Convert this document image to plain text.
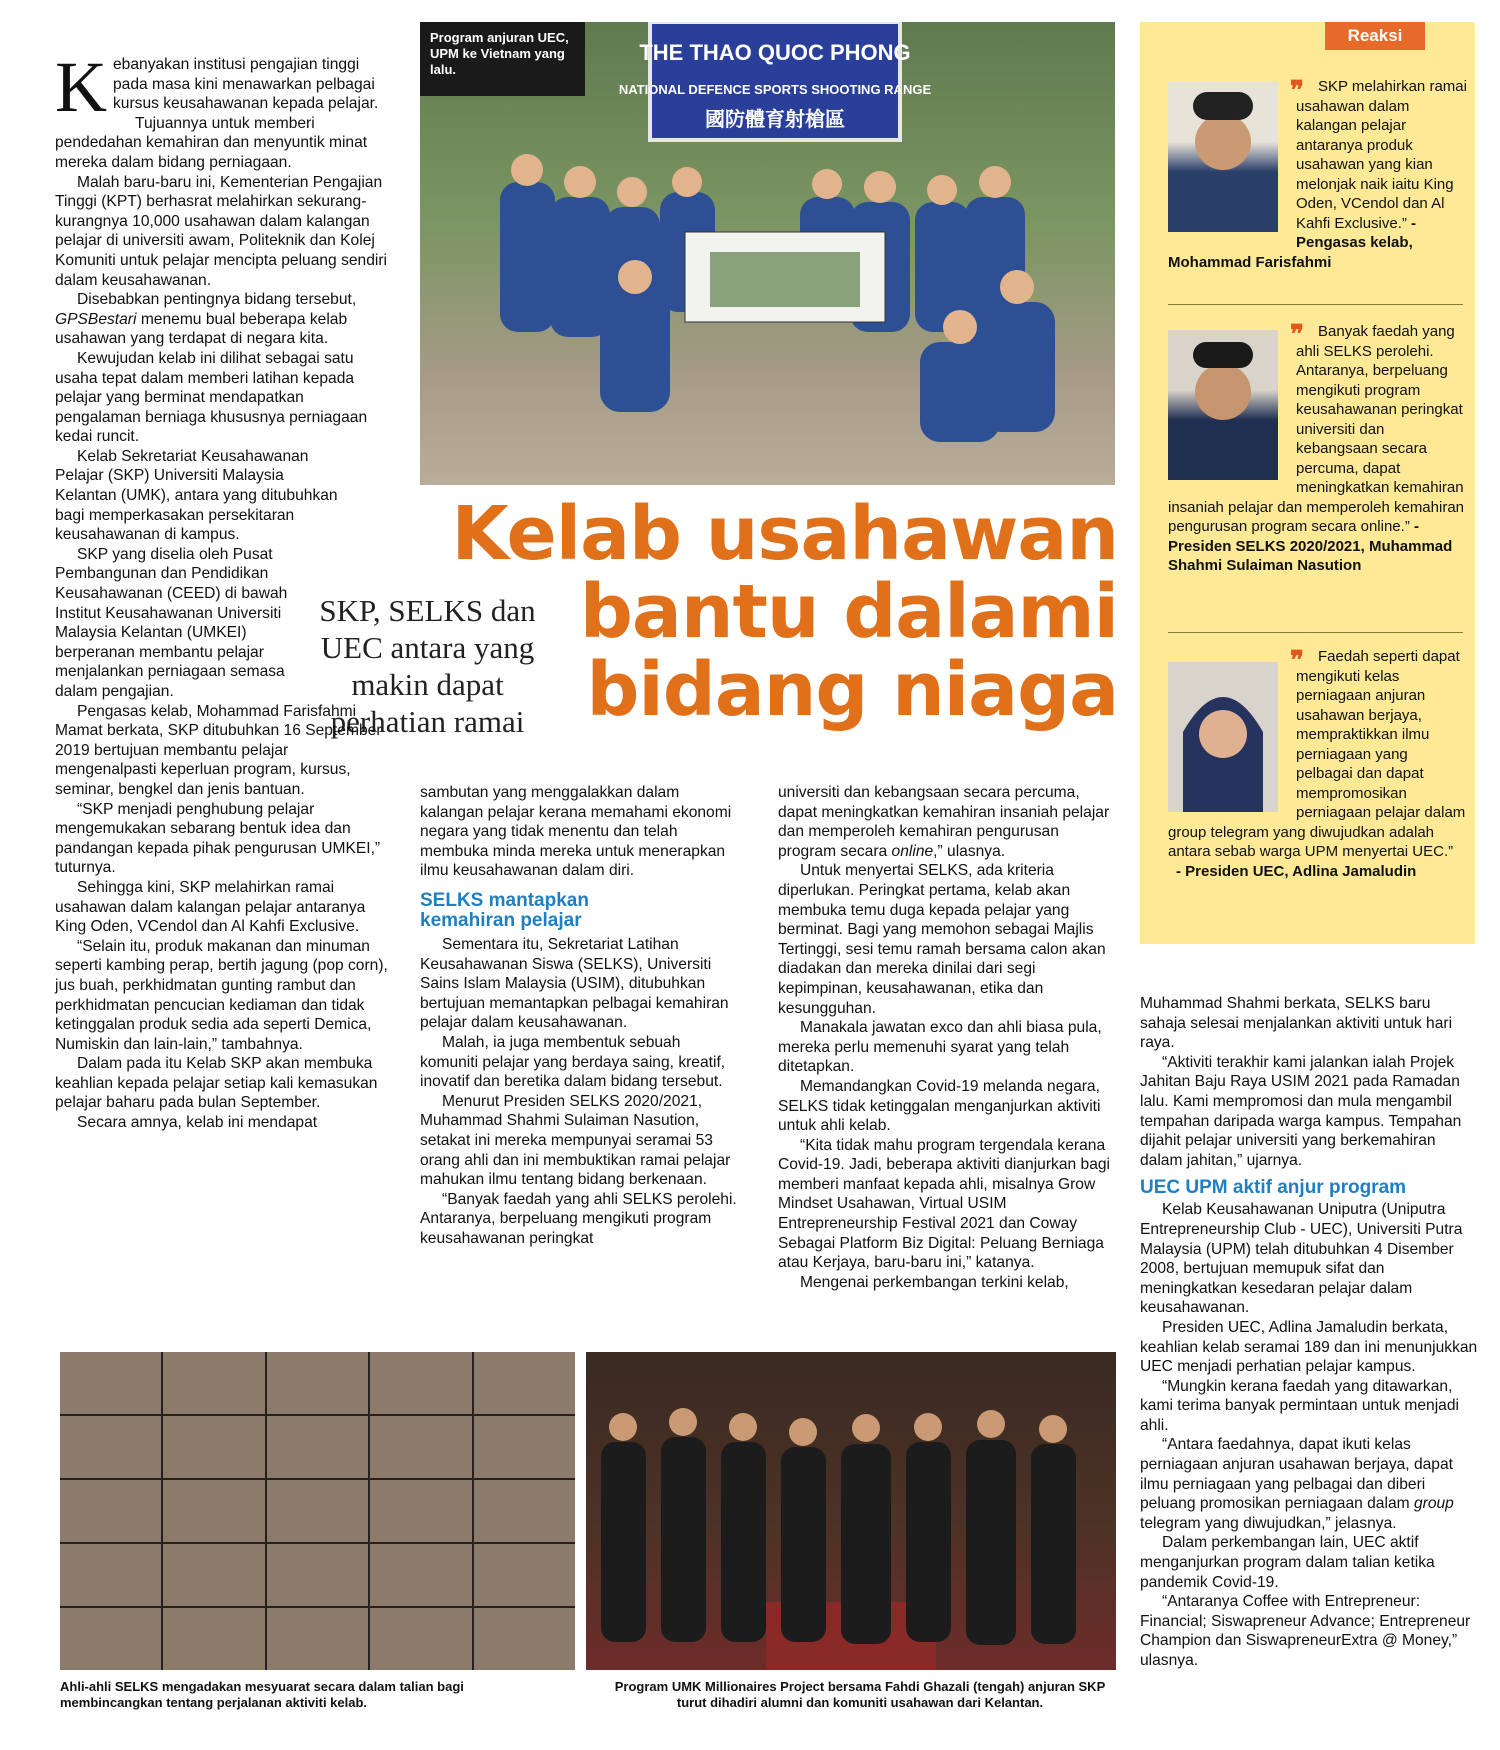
THE THAO QUOC PHONG
NATIONAL DEFENCE SPORTS SHOOTING RANGE
國防體育射槍區
Program anjuran UEC, UPM ke Vietnam yang lalu.
Kelab usahawan
bantu dalami
bidang niaga
SKP, SELKS dan UEC antara yang makin dapat perhatian ramai
K ebanyakan institusi pengajian tinggi pada masa kini menawarkan pelbagai kursus keusahawanan kepada pelajar.

Tujuannya untuk memberi pendedahan kemahiran dan menyuntik minat mereka dalam bidang perniagaan.

Malah baru-baru ini, Kementerian Pengajian Tinggi (KPT) berhasrat melahirkan sekurang-kurangnya 10,000 usahawan dalam kalangan pelajar di universiti awam, Politeknik dan Kolej Komuniti untuk pelajar mencipta peluang sendiri dalam keusahawanan.

Disebabkan pentingnya bidang tersebut, GPSBestari menemu bual beberapa kelab usahawan yang terdapat di negara kita.

Kewujudan kelab ini dilihat sebagai satu usaha tepat dalam memberi latihan kepada pelajar yang berminat mendapatkan pengalaman berniaga khususnya perniagaan kedai runcit.

Kelab Sekretariat Keusahawanan Pelajar (SKP) Universiti Malaysia Kelantan (UMK), antara yang ditubuhkan bagi memperkasakan persekitaran keusahawanan di kampus.

SKP yang diselia oleh Pusat Pembangunan dan Pendidikan Keusahawanan (CEED) di bawah Institut Keusahawanan Universiti Malaysia Kelantan (UMKEI) berperanan membantu pelajar menjalankan perniagaan semasa dalam pengajian.

Pengasas kelab, Mohammad Farisfahmi Mamat berkata, SKP ditubuhkan 16 September 2019 bertujuan membantu pelajar mengenalpasti keperluan program, kursus, seminar, bengkel dan jenis bantuan.

“SKP menjadi penghubung pelajar mengemukakan sebarang bentuk idea dan pandangan kepada pihak pengurusan UMKEI,” tuturnya.

Sehingga kini, SKP melahirkan ramai usahawan dalam kalangan pelajar antaranya King Oden, VCendol dan Al Kahfi Exclusive.

“Selain itu, produk makanan dan minuman seperti kambing perap, bertih jagung (pop corn), jus buah, perkhidmatan gunting rambut dan perkhidmatan pencucian kediaman dan tidak ketinggalan produk sedia ada seperti Demica, Numiskin dan lain-lain,” tambahnya.

Dalam pada itu Kelab SKP akan membuka keahlian kepada pelajar setiap kali kemasukan pelajar baharu pada bulan September.

Secara amnya, kelab ini mendapat

sambutan yang menggalakkan dalam kalangan pelajar kerana memahami ekonomi negara yang tidak menentu dan telah membuka minda mereka untuk menerapkan ilmu keusahawanan dalam diri.

SELKS mantapkan kemahiran pelajar

Sementara itu, Sekretariat Latihan Keusahawanan Siswa (SELKS), Universiti Sains Islam Malaysia (USIM), ditubuhkan bertujuan memantapkan pelbagai kemahiran pelajar dalam keusahawanan.

Malah, ia juga membentuk sebuah komuniti pelajar yang berdaya saing, kreatif, inovatif dan beretika dalam bidang tersebut.

Menurut Presiden SELKS 2020/2021, Muhammad Shahmi Sulaiman Nasution, setakat ini mereka mempunyai seramai 53 orang ahli dan ini membuktikan ramai pelajar mahukan ilmu tentang bidang berkenaan.

“Banyak faedah yang ahli SELKS perolehi. Antaranya, berpeluang mengikuti program keusahawanan peringkat

universiti dan kebangsaan secara percuma, dapat meningkatkan kemahiran insaniah pelajar dan memperoleh kemahiran pengurusan program secara online,” ulasnya.

Untuk menyertai SELKS, ada kriteria diperlukan. Peringkat pertama, kelab akan membuka temu duga kepada pelajar yang berminat. Bagi yang memohon sebagai Majlis Tertinggi, sesi temu ramah bersama calon akan diadakan dan mereka dinilai dari segi kepimpinan, keusahawanan, etika dan kesungguhan.

Manakala jawatan exco dan ahli biasa pula, mereka perlu memenuhi syarat yang telah ditetapkan.

Memandangkan Covid-19 melanda negara, SELKS tidak ketinggalan menganjurkan aktiviti untuk ahli kelab.

“Kita tidak mahu program tergendala kerana Covid-19. Jadi, beberapa aktiviti dianjurkan bagi memberi manfaat kepada ahli, misalnya Grow Mindset Usahawan, Virtual USIM Entrepreneurship Festival 2021 dan Coway Sebagai Platform Biz Digital: Peluang Berniaga atau Kerjaya, baru-baru ini,” katanya.

Mengenai perkembangan terkini kelab,

Reaksi
❞ SKP melahirkan ramai usahawan dalam kalangan pelajar antaranya produk usahawan yang kian melonjak naik iaitu King Oden, VCendol dan Al Kahfi Exclusive.” - Pengasas kelab, Mohammad Farisfahmi
❞ Banyak faedah yang ahli SELKS perolehi. Antaranya, berpeluang mengikuti program keusahawanan peringkat universiti dan kebangsaan secara percuma, dapat meningkatkan kemahiran insaniah pelajar dan memperoleh kemahiran pengurusan program secara online.” - Presiden SELKS 2020/2021, Muhammad Shahmi Sulaiman Nasution
❞ Faedah seperti dapat mengikuti kelas perniagaan anjuran usahawan berjaya, mempraktikkan ilmu perniagaan yang pelbagai dan dapat mempromosikan perniagaan pelajar dalam group telegram yang diwujudkan adalah antara sebab warga UPM menyertai UEC.”
- Presiden UEC, Adlina Jamaludin

Muhammad Shahmi berkata, SELKS baru sahaja selesai menjalankan aktiviti untuk hari raya.

“Aktiviti terakhir kami jalankan ialah Projek Jahitan Baju Raya USIM 2021 pada Ramadan lalu. Kami mempromosi dan mula mengambil tempahan daripada warga kampus. Tempahan dijahit pelajar universiti yang berkemahiran dalam jahitan,” ujarnya.

UEC UPM aktif anjur program

Kelab Keusahawanan Uniputra (Uniputra Entrepreneurship Club - UEC), Universiti Putra Malaysia (UPM) telah ditubuhkan 4 Disember 2008, bertujuan memupuk sifat dan meningkatkan kesedaran pelajar dalam keusahawanan.

Presiden UEC, Adlina Jamaludin berkata, keahlian kelab seramai 189 dan ini menunjukkan UEC menjadi perhatian pelajar kampus.

“Mungkin kerana faedah yang ditawarkan, kami terima banyak permintaan untuk menjadi ahli.

“Antara faedahnya, dapat ikuti kelas perniagaan anjuran usahawan berjaya, dapat ilmu perniagaan yang pelbagai dan diberi peluang promosikan perniagaan dalam group telegram yang diwujudkan,” jelasnya.

Dalam perkembangan lain, UEC aktif menganjurkan program dalam talian ketika pandemik Covid-19.

“Antaranya Coffee with Entrepreneur: Financial; Siswapreneur Advance; Entrepreneur Champion dan SiswapreneurExtra @ Money,” ulasnya.

Ahli-ahli SELKS mengadakan mesyuarat secara dalam talian bagi membincangkan tentang perjalanan aktiviti kelab.
Program UMK Millionaires Project bersama Fahdi Ghazali (tengah) anjuran SKP turut dihadiri alumni dan komuniti usahawan dari Kelantan.
